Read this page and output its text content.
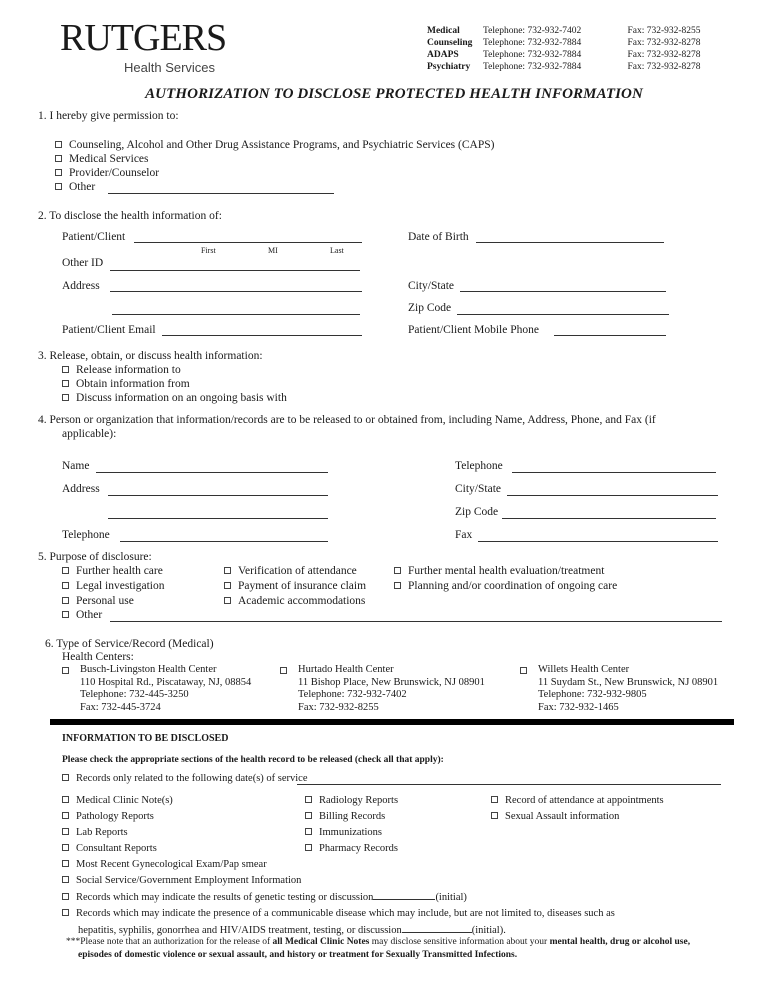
RUTGERS
Health Services
Medical Telephone: 732-932-7402	Fax: 732-932-8255
Counseling Telephone: 732-932-7884	Fax: 732-932-8278
ADAPS	Telephone: 732-932-7884	Fax: 732-932-8278
Psychiatry Telephone: 732-932-7884	Fax: 732-932-8278
AUTHORIZATION TO DISCLOSE PROTECTED HEALTH INFORMATION
1. I hereby give permission to:
Counseling, Alcohol and Other Drug Assistance Programs, and Psychiatric Services (CAPS)
Medical Services
Provider/Counselor
Other
2. To disclose the health information of:
Patient/Client
First	MI	Last
Date of Birth
Other ID
Address	City/State
Zip Code
Patient/Client Email	Patient/Client Mobile Phone
3. Release, obtain, or discuss health information:
Release information to
Obtain information from
Discuss information on an ongoing basis with
4. Person or organization that information/records are to be released to or obtained from, including Name, Address, Phone, and Fax (if
applicable):
Name	Telephone
Address	City/State
Zip Code
Telephone	Fax
5. Purpose of disclosure:
Further health care
Legal investigation
Personal use
Other
Verification of attendance
Payment of insurance claim
Academic accommodations
Further mental health evaluation/treatment
Planning and/or coordination of ongoing care
6. Type of Service/Record (Medical)
Health Centers:
Busch-Livingston Health Center
110 Hospital Rd., Piscataway, NJ, 08854
Telephone: 732-445-3250
Fax: 732-445-3724
Hurtado Health Center
11 Bishop Place, New Brunswick, NJ 08901
Telephone: 732-932-7402
Fax: 732-932-8255
Willets Health Center
11 Suydam St., New Brunswick, NJ 08901
Telephone: 732-932-9805
Fax: 732-932-1465
INFORMATION TO BE DISCLOSED
Please check the appropriate sections of the health record to be released (check all that apply):
Records only related to the following date(s) of service
Medical Clinic Note(s)
Pathology Reports
Lab Reports
Consultant Reports
Most Recent Gynecological Exam/Pap smear
Social Service/Government Employment Information
Records which may indicate the results of genetic testing or discussion	(initial)
Records which may indicate the presence of a communicable disease which may include, but are not limited to, diseases such as
hepatitis, syphilis, gonorrhea and HIV/AIDS treatment, testing, or discussion	(initial).
Radiology Reports
Billing Records
Immunizations
Pharmacy Records
Record of attendance at appointments
Sexual Assault information
***Please note that an authorization for the release of all Medical Clinic Notes may disclose sensitive information about your mental health, drug or alcohol use, episodes of domestic violence or sexual assault, and history or treatment for Sexually Transmitted Infections.
